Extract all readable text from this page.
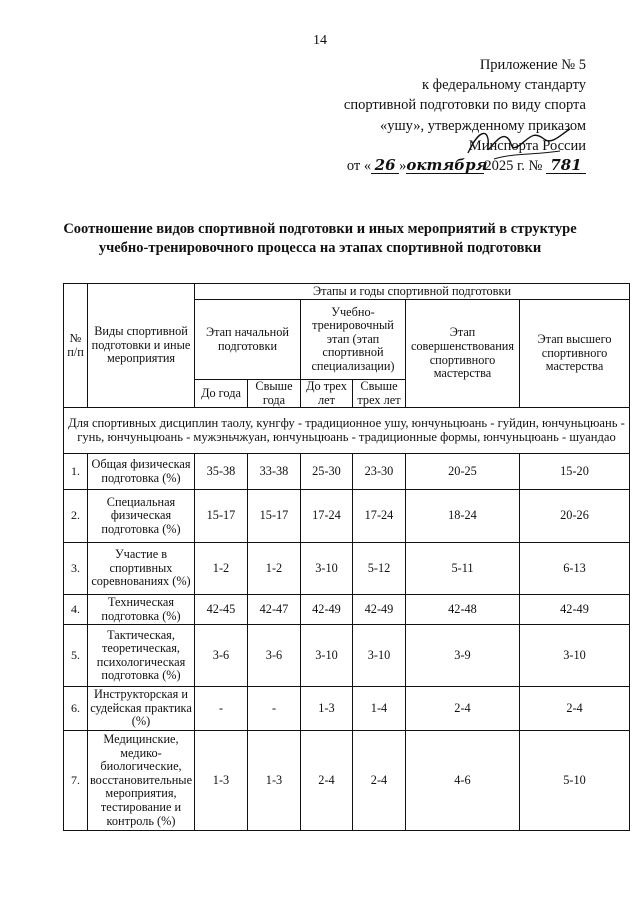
14
Приложение № 5
к федеральному стандарту
спортивной подготовки по виду спорта
«ушу», утвержденному приказом
Минспорта России
от « 26 »октября2025 г. № 781
Соотношение видов спортивной подготовки и иных мероприятий в структуре
учебно-тренировочного процесса на этапах спортивной подготовки
№ п/п	Виды спортивной подготовки и иные мероприятия	Этапы и годы спортивной подготовки					
		Этап начальной подготовки		Учебно-тренировочный этап (этап спортивной специализации)		Этап совершенствования спортивного мастерства	Этап высшего спортивного мастерства
		До года	Свыше года	До трех лет	Свыше трех лет		
Для спортивных дисциплин таолу, кунгфу - традиционное ушу, юнчуньцюань - гуйдин, юнчуньцюань - гунь, юнчуньцюань - мужэньчжуан, юнчуньцюань - традиционные формы, юнчуньцюань - шуандао							
1.	Общая физическая подготовка (%)	35-38	33-38	25-30	23-30	20-25	15-20
2.	Специальная физическая подготовка (%)	15-17	15-17	17-24	17-24	18-24	20-26
3.	Участие в спортивных соревнованиях (%)	1-2	1-2	3-10	5-12	5-11	6-13
4.	Техническая подготовка (%)	42-45	42-47	42-49	42-49	42-48	42-49
5.	Тактическая, теоретическая, психологическая подготовка (%)	3-6	3-6	3-10	3-10	3-9	3-10
6.	Инструкторская и судейская практика (%)	-	-	1-3	1-4	2-4	2-4
7.	Медицинские, медико-биологические, восстановительные мероприятия, тестирование и контроль (%)	1-3	1-3	2-4	2-4	4-6	5-10
